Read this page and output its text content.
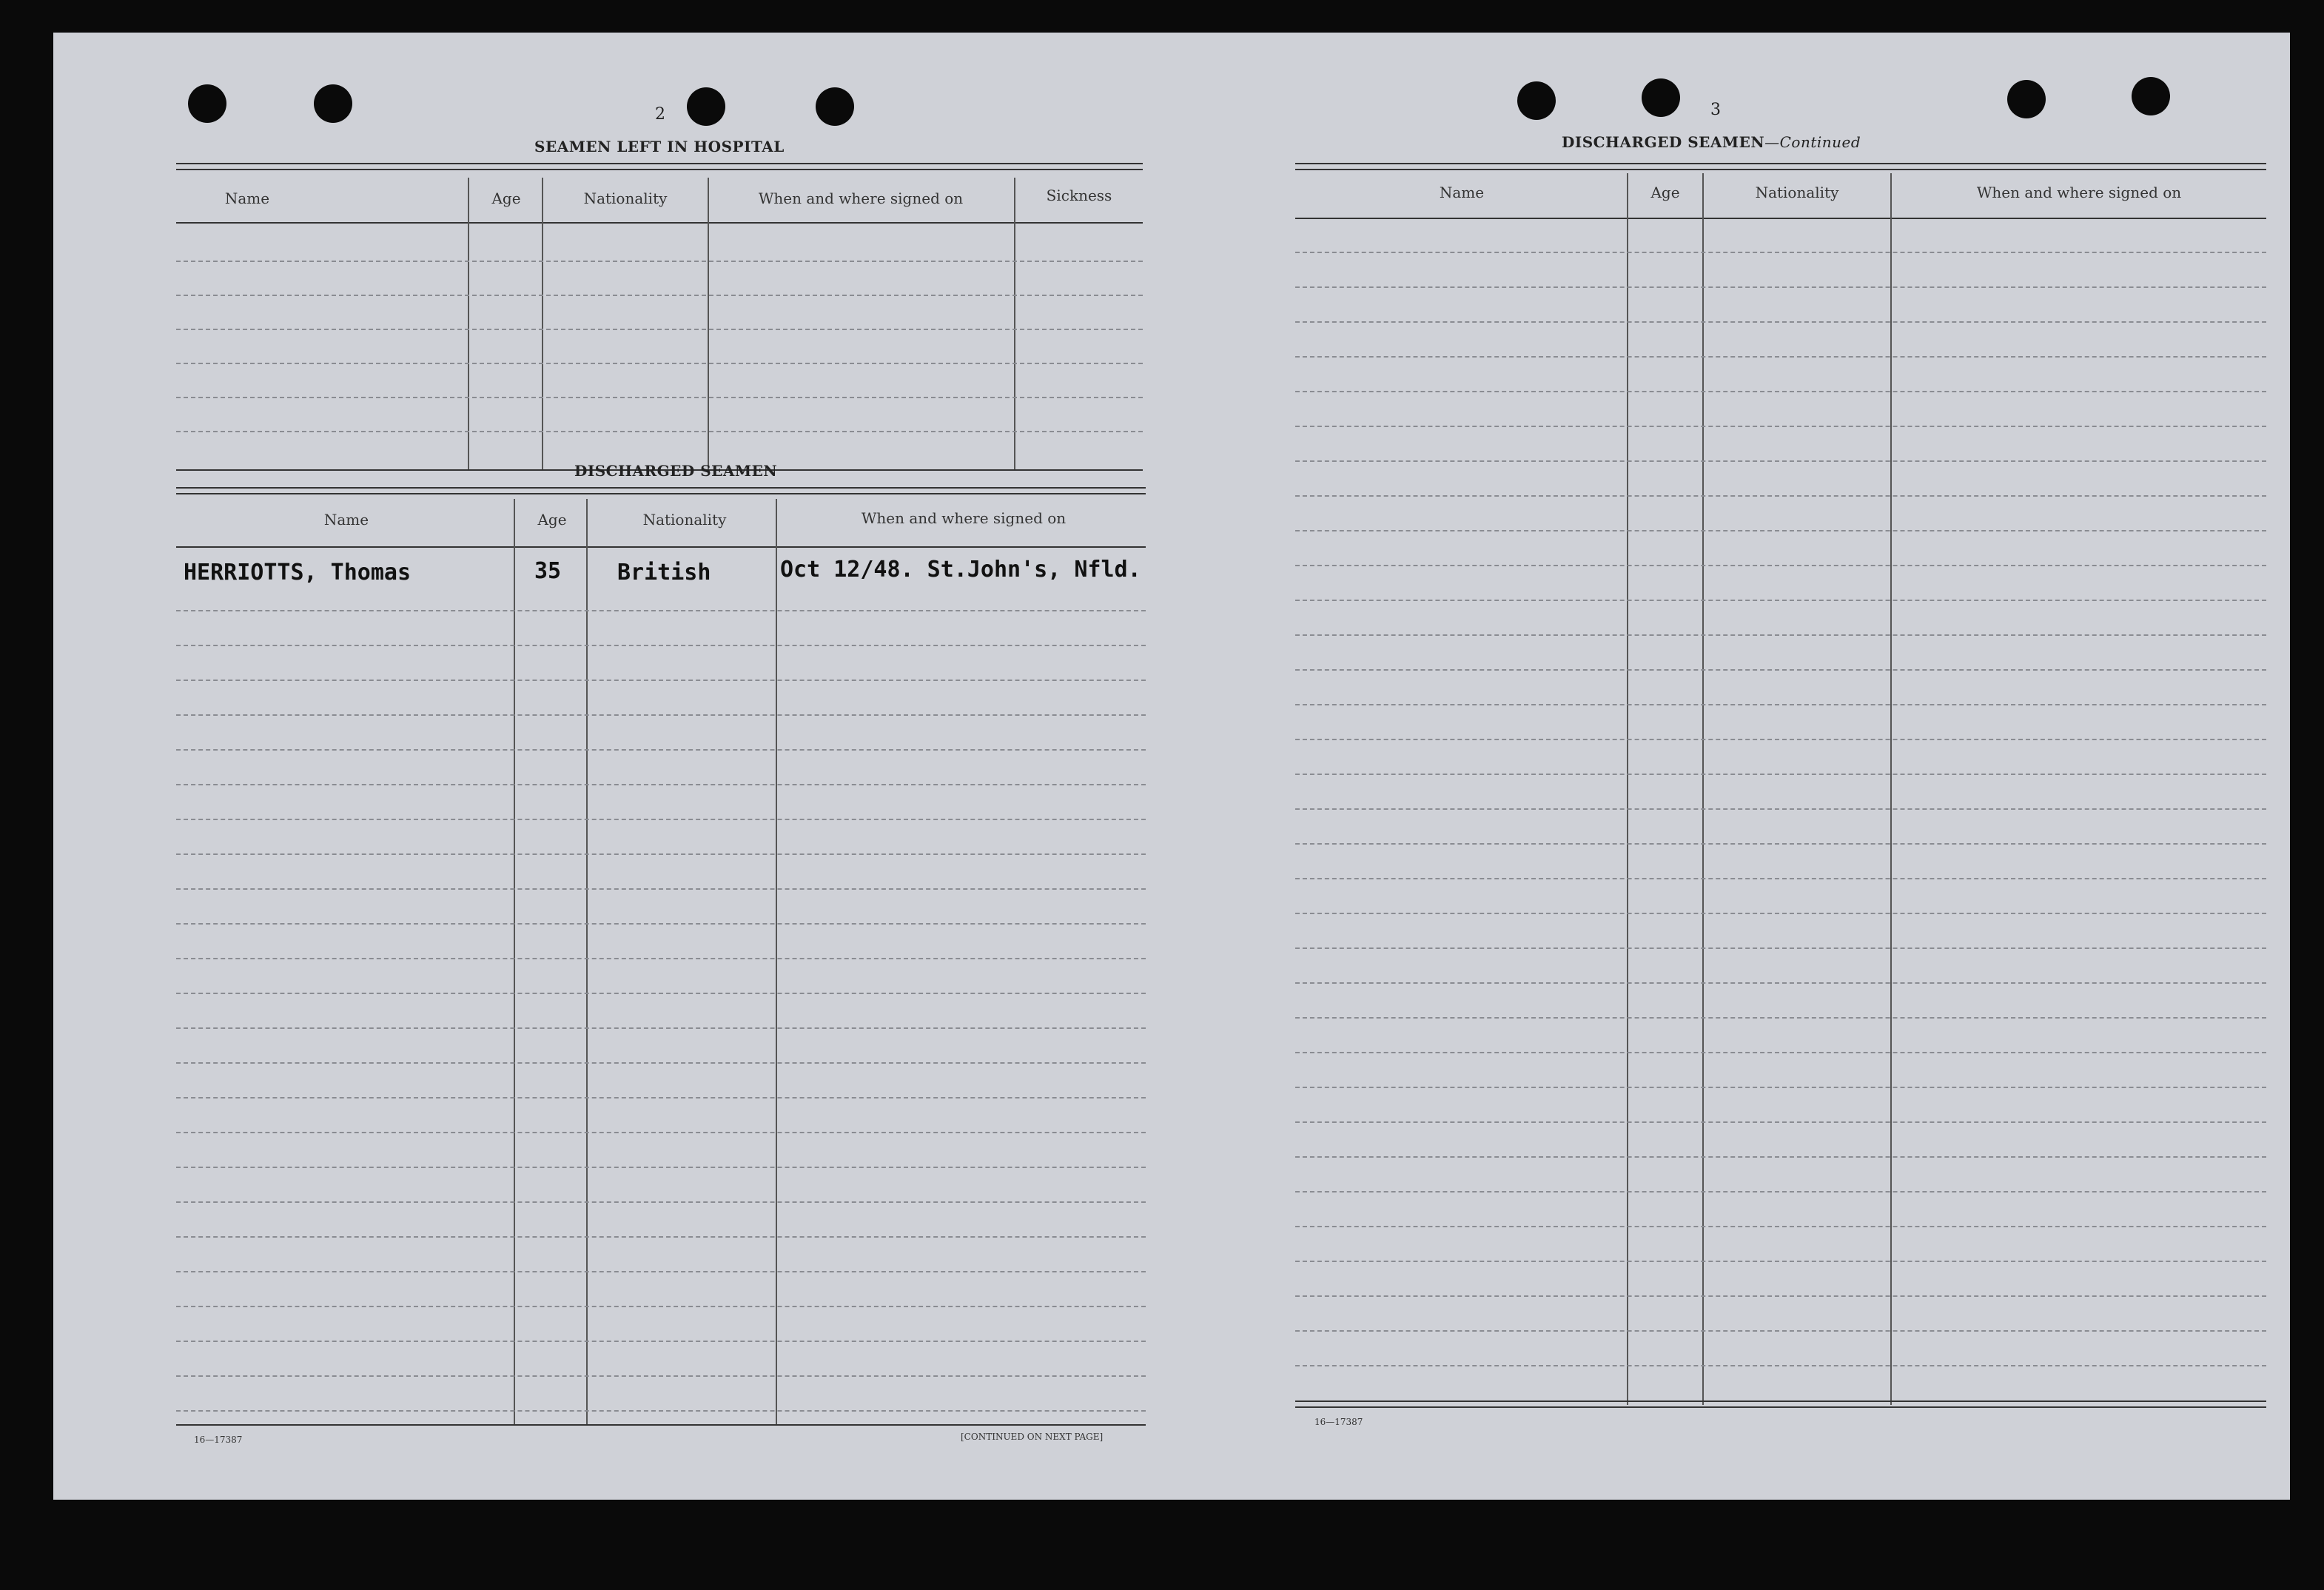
2
SEAMEN LEFT IN HOSPITAL
Name	Age	Nationality	When and where signed on	Sickness
DISCHARGED SEAMEN
Name	Age	Nationality	When and where signed on
HERRIOTTS, Thomas	35	British	Oct 12/48. St.John's, Nfld.
16—17387	[CONTINUED ON NEXT PAGE]
3
DISCHARGED SEAMEN—Continued
Name	Age	Nationality	When and where signed on
16—17387
